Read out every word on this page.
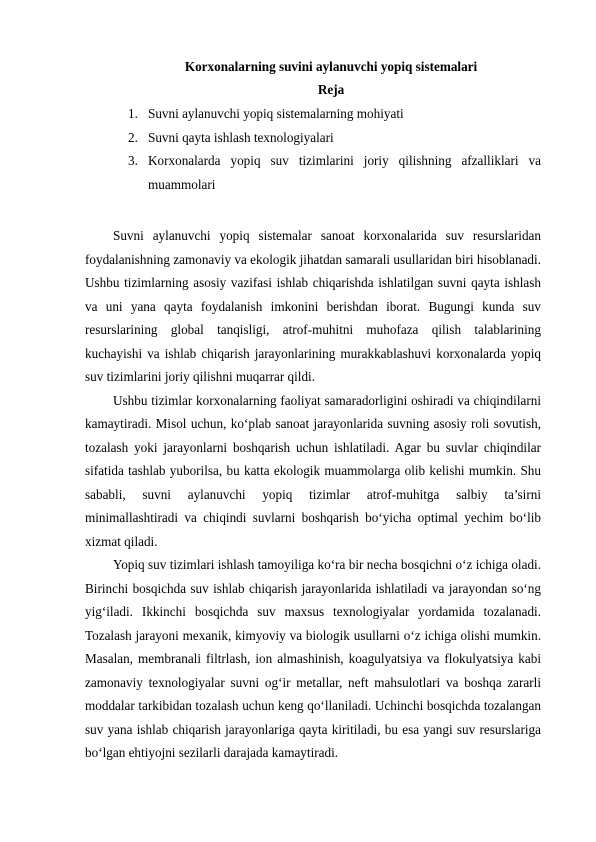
Korxonalarning suvini aylanuvchi yopiq sistemalari
Reja
1. Suvni aylanuvchi yopiq sistemalarning mohiyati
2. Suvni qayta ishlash texnologiyalari
3. Korxonalarda yopiq suv tizimlarini joriy qilishning afzalliklari va muammolari

Suvni aylanuvchi yopiq sistemalar sanoat korxonalarida suv resurslaridan foydalanishning zamonaviy va ekologik jihatdan samarali usullaridan biri hisoblanadi. Ushbu tizimlarning asosiy vazifasi ishlab chiqarishda ishlatilgan suvni qayta ishlash va uni yana qayta foydalanish imkonini berishdan iborat. Bugungi kunda suv resurslarining global tanqisligi, atrof-muhitni muhofaza qilish talablarining kuchayishi va ishlab chiqarish jarayonlarining murakkablashuvi korxonalarda yopiq suv tizimlarini joriy qilishni muqarrar qildi.

Ushbu tizimlar korxonalarning faoliyat samaradorligini oshiradi va chiqindilarni kamaytiradi. Misol uchun, ko‘plab sanoat jarayonlarida suvning asosiy roli sovutish, tozalash yoki jarayonlarni boshqarish uchun ishlatiladi. Agar bu suvlar chiqindilar sifatida tashlab yuborilsa, bu katta ekologik muammolarga olib kelishi mumkin. Shu sababli, suvni aylanuvchi yopiq tizimlar atrof-muhitga salbiy ta’sirni minimallashtiradi va chiqindi suvlarni boshqarish bo‘yicha optimal yechim bo‘lib xizmat qiladi.

Yopiq suv tizimlari ishlash tamoyiliga ko‘ra bir necha bosqichni o‘z ichiga oladi. Birinchi bosqichda suv ishlab chiqarish jarayonlarida ishlatiladi va jarayondan so‘ng yig‘iladi. Ikkinchi bosqichda suv maxsus texnologiyalar yordamida tozalanadi. Tozalash jarayoni mexanik, kimyoviy va biologik usullarni o‘z ichiga olishi mumkin. Masalan, membranali filtrlash, ion almashinish, koagulyatsiya va flokulyatsiya kabi zamonaviy texnologiyalar suvni og‘ir metallar, neft mahsulotlari va boshqa zararli moddalar tarkibidan tozalash uchun keng qo‘llaniladi. Uchinchi bosqichda tozalangan suv yana ishlab chiqarish jarayonlariga qayta kiritiladi, bu esa yangi suv resurslariga bo‘lgan ehtiyojni sezilarli darajada kamaytiradi.
